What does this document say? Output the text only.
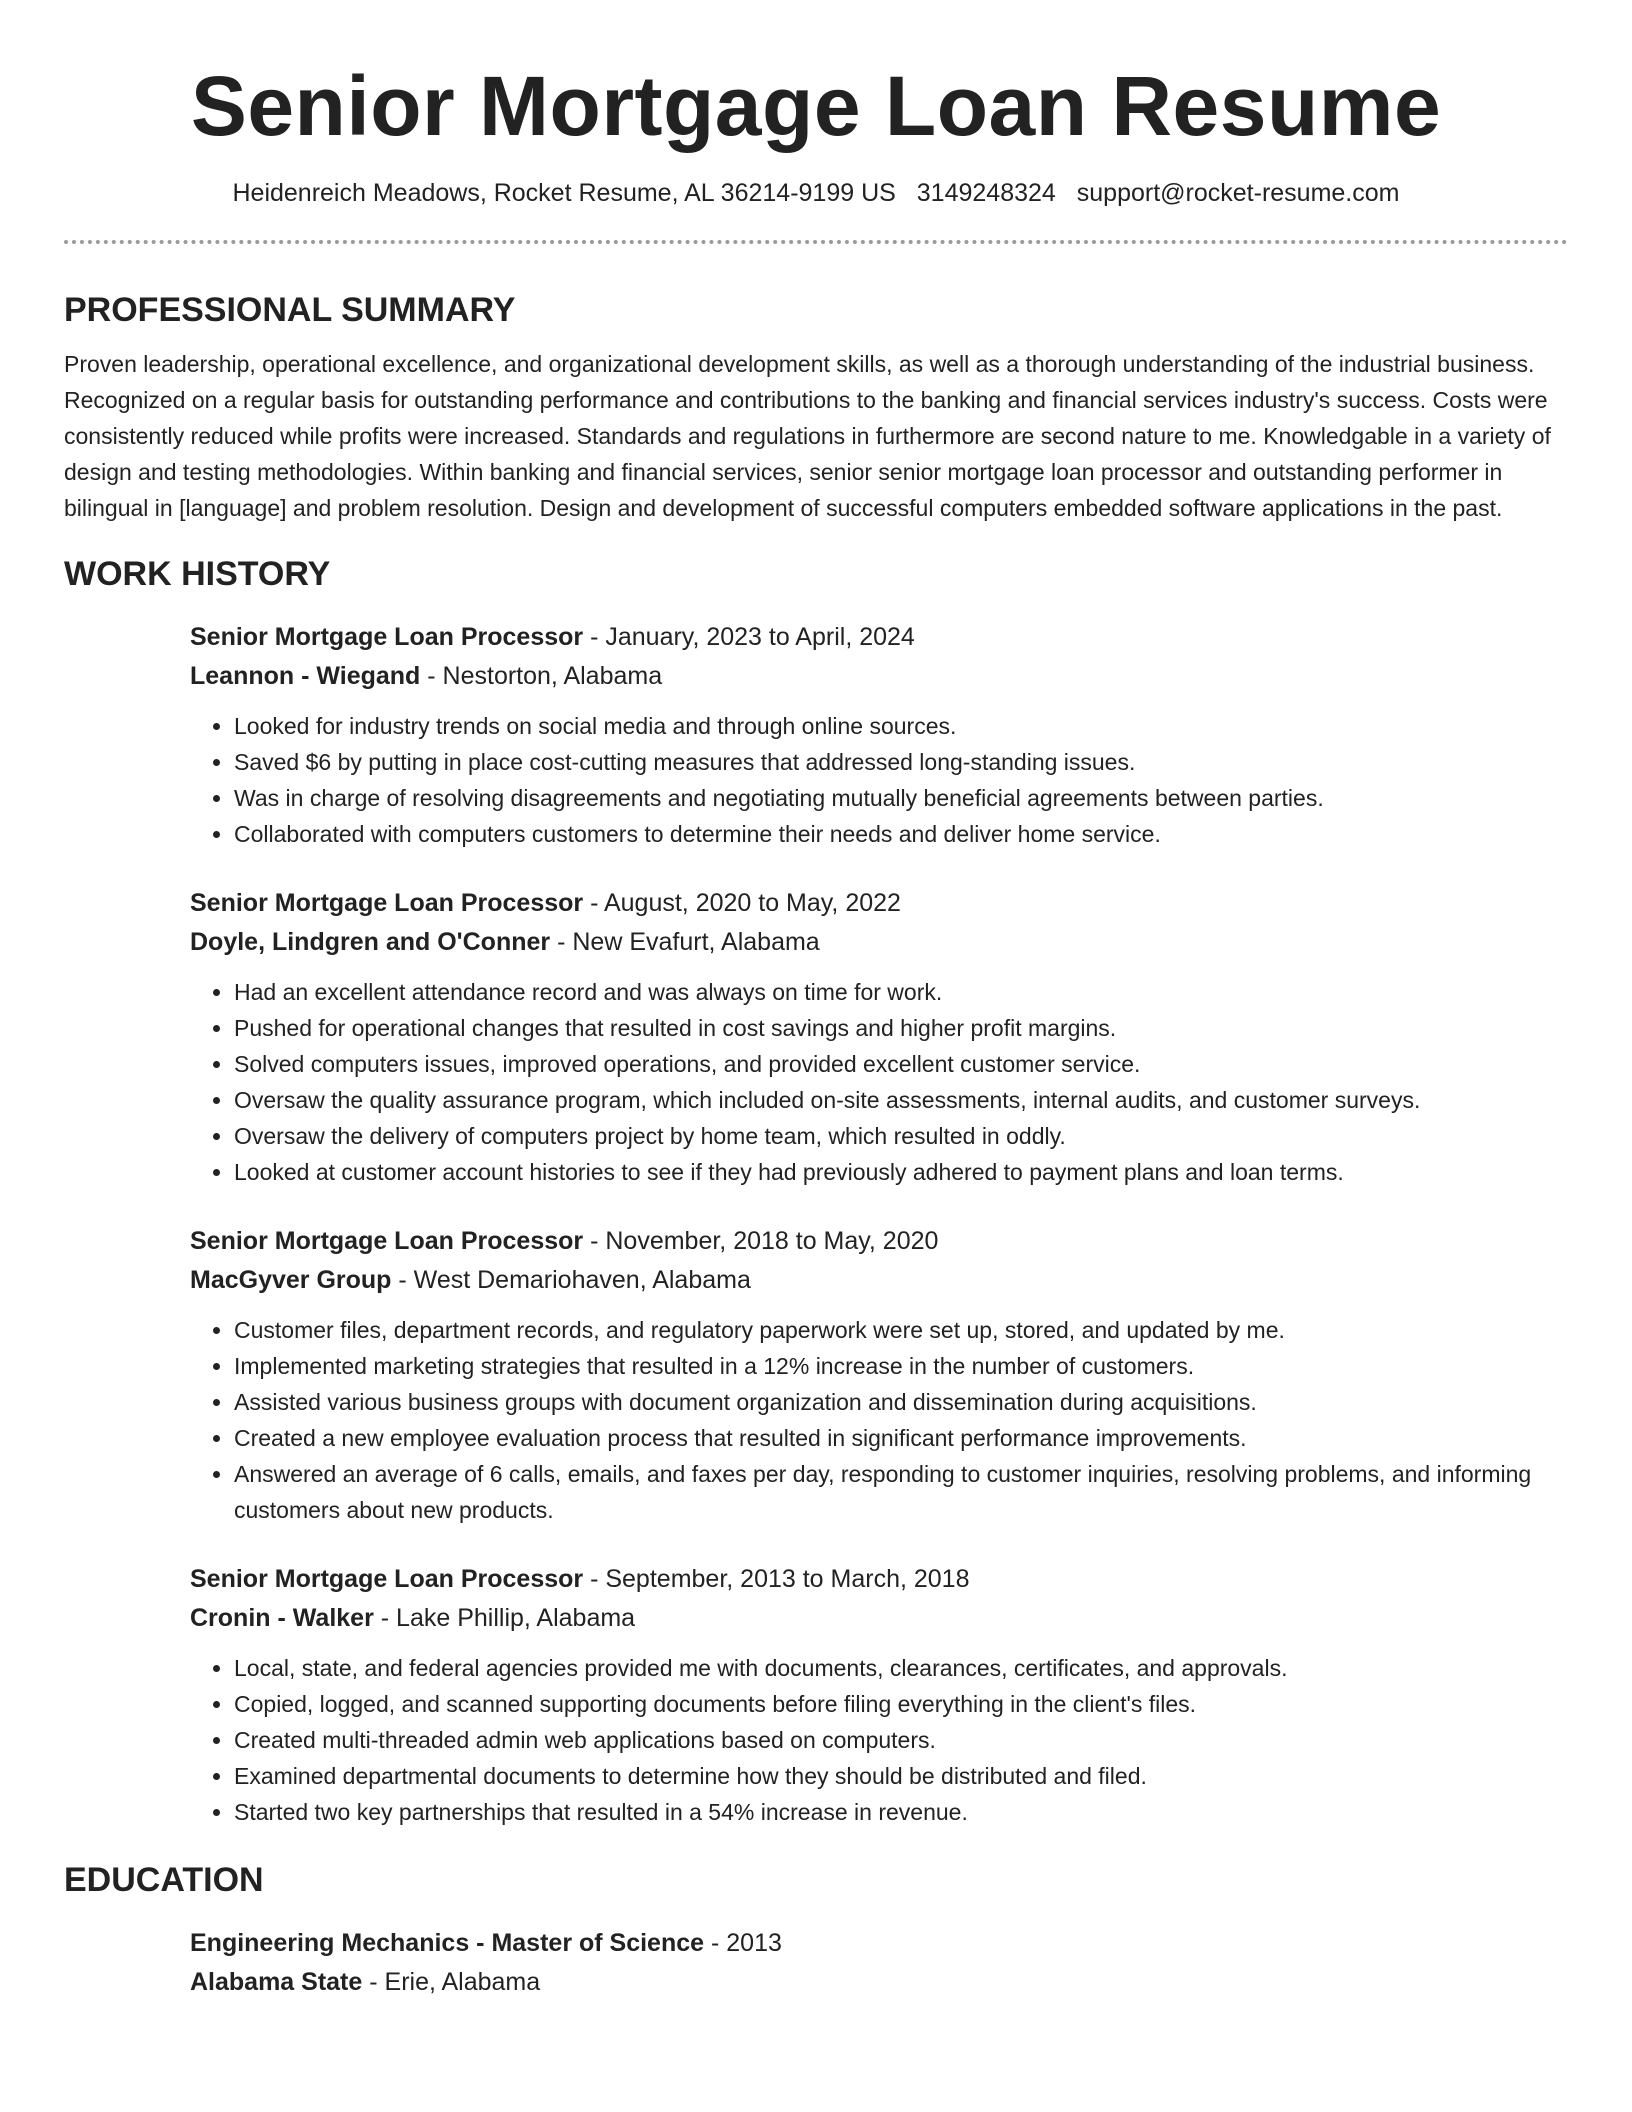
Senior Mortgage Loan Resume
Heidenreich Meadows, Rocket Resume, AL 36214-9199 US 3149248324 support@rocket-resume.com
PROFESSIONAL SUMMARY

Proven leadership, operational excellence, and organizational development skills, as well as a thorough understanding of the industrial business. Recognized on a regular basis for outstanding performance and contributions to the banking and financial services industry's success. Costs were consistently reduced while profits were increased. Standards and regulations in furthermore are second nature to me. Knowledgable in a variety of design and testing methodologies. Within banking and financial services, senior senior mortgage loan processor and outstanding performer in bilingual in [language] and problem resolution. Design and development of successful computers embedded software applications in the past.

WORK HISTORY

Senior Mortgage Loan Processor - January, 2023 to April, 2024

Leannon - Wiegand - Nestorton, Alabama

• Looked for industry trends on social media and through online sources.
• Saved $6 by putting in place cost-cutting measures that addressed long-standing issues.
• Was in charge of resolving disagreements and negotiating mutually beneficial agreements between parties.
• Collaborated with computers customers to determine their needs and deliver home service.

Senior Mortgage Loan Processor - August, 2020 to May, 2022

Doyle, Lindgren and O'Conner - New Evafurt, Alabama

• Had an excellent attendance record and was always on time for work.
• Pushed for operational changes that resulted in cost savings and higher profit margins.
• Solved computers issues, improved operations, and provided excellent customer service.
• Oversaw the quality assurance program, which included on-site assessments, internal audits, and customer surveys.
• Oversaw the delivery of computers project by home team, which resulted in oddly.
• Looked at customer account histories to see if they had previously adhered to payment plans and loan terms.

Senior Mortgage Loan Processor - November, 2018 to May, 2020

MacGyver Group - West Demariohaven, Alabama

• Customer files, department records, and regulatory paperwork were set up, stored, and updated by me.
• Implemented marketing strategies that resulted in a 12% increase in the number of customers.
• Assisted various business groups with document organization and dissemination during acquisitions.
• Created a new employee evaluation process that resulted in significant performance improvements.
• Answered an average of 6 calls, emails, and faxes per day, responding to customer inquiries, resolving problems, and informing customers about new products.

Senior Mortgage Loan Processor - September, 2013 to March, 2018

Cronin - Walker - Lake Phillip, Alabama

• Local, state, and federal agencies provided me with documents, clearances, certificates, and approvals.
• Copied, logged, and scanned supporting documents before filing everything in the client's files.
• Created multi-threaded admin web applications based on computers.
• Examined departmental documents to determine how they should be distributed and filed.
• Started two key partnerships that resulted in a 54% increase in revenue.
EDUCATION

Engineering Mechanics - Master of Science - 2013

Alabama State - Erie, Alabama
